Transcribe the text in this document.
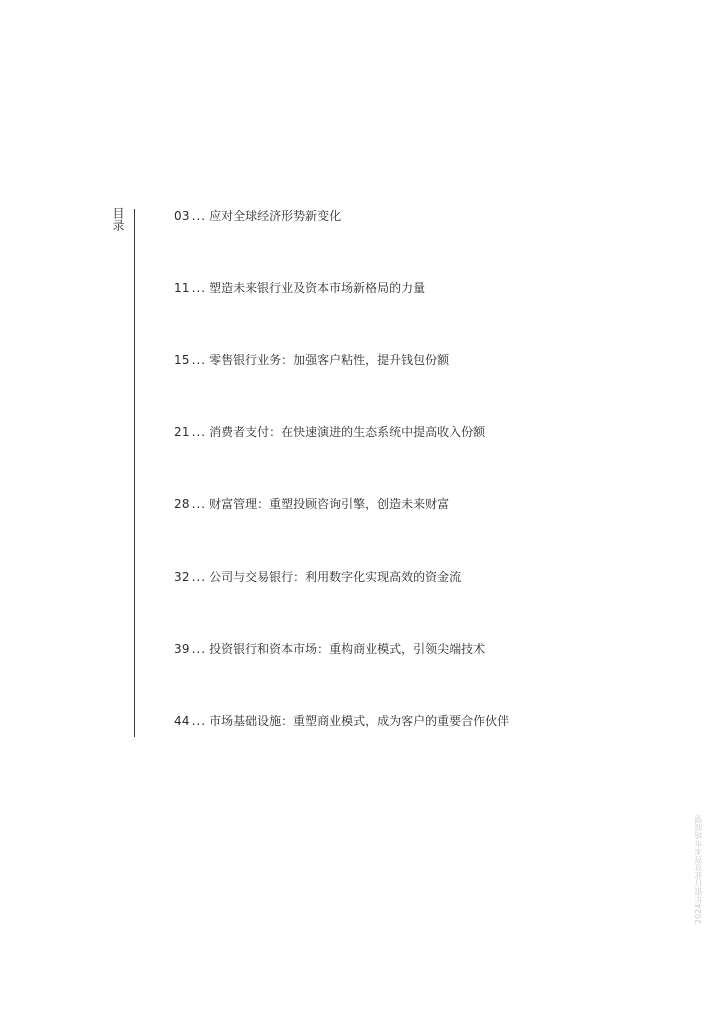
目录	03 ... 应对全球经济形势新变化
11 ... 塑造未来银行业及资本市场新格局的力量
15 ... 零售银行业务：加强客户粘性，提升钱包份额
21 ... 消费者支付：在快速演进的生态系统中提高收入份额
28 ... 财富管理：重塑投顾咨询引擎，创造未来财富
32 ... 公司与交易银行：利用数字化实现高效的资金流
39 ... 投资银行和资本市场：重构商业模式，引领尖端技术
44 ... 市场基础设施：重塑商业模式，成为客户的重要合作伙伴
2024年银行业及资本市场展望
